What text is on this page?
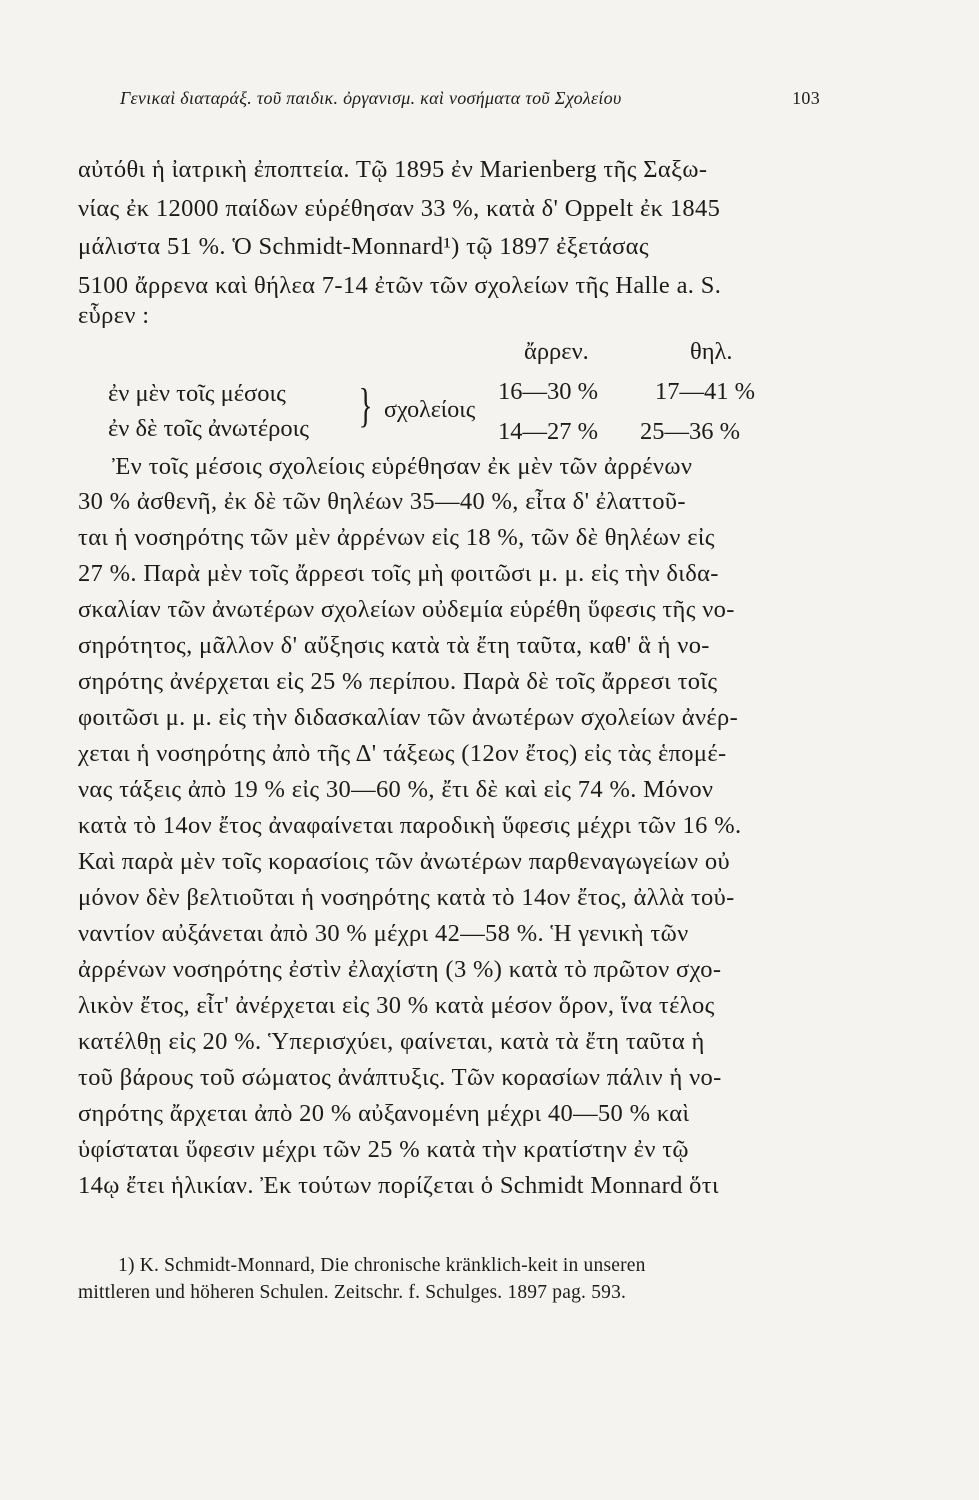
Γενικαὶ διαταράξ. τοῦ παιδικ. ὀργανισμ. καὶ νοσήματα τοῦ Σχολείου	103
αὐτόθι ἡ ἰατρικὴ ἐποπτεία. Τῷ 1895 ἐν Marienberg τῆς Σαξω-
νίας ἐκ 12000 παίδων εὑρέθησαν 33 %, κατὰ δ' Oppelt ἐκ 1845
μάλιστα 51 %. Ὁ Schmidt-Monnard¹) τῷ 1897 ἐξετάσας
5100 ἄρρενα καὶ θήλεα 7-14 ἐτῶν τῶν σχολείων τῆς Halle a. S.
εὗρεν :
ἄρρεν.	θηλ.
ἐν μὲν τοῖς μέσοις	16—30 % 17—41 %
} σχολείοις
ἐν δὲ τοῖς ἀνωτέροις	14—27 % 25—36 %
Ἐν τοῖς μέσοις σχολείοις εὑρέθησαν ἐκ μὲν τῶν ἀρρένων
30 % ἀσθενῆ, ἐκ δὲ τῶν θηλέων 35—40 %, εἶτα δ' ἐλαττοῦ-
ται ἡ νοσηρότης τῶν μὲν ἀρρένων εἰς 18 %, τῶν δὲ θηλέων εἰς
27 %. Παρὰ μὲν τοῖς ἄρρεσι τοῖς μὴ φοιτῶσι μ. μ. εἰς τὴν διδα-
σκαλίαν τῶν ἀνωτέρων σχολείων οὐδεμία εὑρέθη ὕφεσις τῆς νο-
σηρότητος, μᾶλλον δ' αὔξησις κατὰ τὰ ἔτη ταῦτα, καθ' ἃ ἡ νο-
σηρότης ἀνέρχεται εἰς 25 % περίπου. Παρὰ δὲ τοῖς ἄρρεσι τοῖς
φοιτῶσι μ. μ. εἰς τὴν διδασκαλίαν τῶν ἀνωτέρων σχολείων ἀνέρ-
χεται ἡ νοσηρότης ἀπὸ τῆς Δ' τάξεως (12ον ἔτος) εἰς τὰς ἑπομέ-
νας τάξεις ἀπὸ 19 % εἰς 30—60 %, ἔτι δὲ καὶ εἰς 74 %. Μόνον
κατὰ τὸ 14ον ἔτος ἀναφαίνεται παροδικὴ ὕφεσις μέχρι τῶν 16 %.
Καὶ παρὰ μὲν τοῖς κορασίοις τῶν ἀνωτέρων παρθεναγωγείων οὐ
μόνον δὲν βελτιοῦται ἡ νοσηρότης κατὰ τὸ 14ον ἔτος, ἀλλὰ τοὐ-
ναντίον αὐξάνεται ἀπὸ 30 % μέχρι 42—58 %. Ἡ γενικὴ τῶν
ἀρρένων νοσηρότης ἐστὶν ἐλαχίστη (3 %) κατὰ τὸ πρῶτον σχο-
λικὸν ἔτος, εἶτ' ἀνέρχεται εἰς 30 % κατὰ μέσον ὅρον, ἵνα τέλος
κατέλθῃ εἰς 20 %. Ὑπερισχύει, φαίνεται, κατὰ τὰ ἔτη ταῦτα ἡ
τοῦ βάρους τοῦ σώματος ἀνάπτυξις. Τῶν κορασίων πάλιν ἡ νο-
σηρότης ἄρχεται ἀπὸ 20 % αὐξανομένη μέχρι 40—50 % καὶ
ὑφίσταται ὕφεσιν μέχρι τῶν 25 % κατὰ τὴν κρατίστην ἐν τῷ
14ῳ ἔτει ἡλικίαν. Ἐκ τούτων πορίζεται ὁ Schmidt Monnard ὅτι
1) K. Schmidt-Monnard, Die chronische kränklich-keit in unseren
mittleren und höheren Schulen. Zeitschr. f. Schulges. 1897 pag. 593.
